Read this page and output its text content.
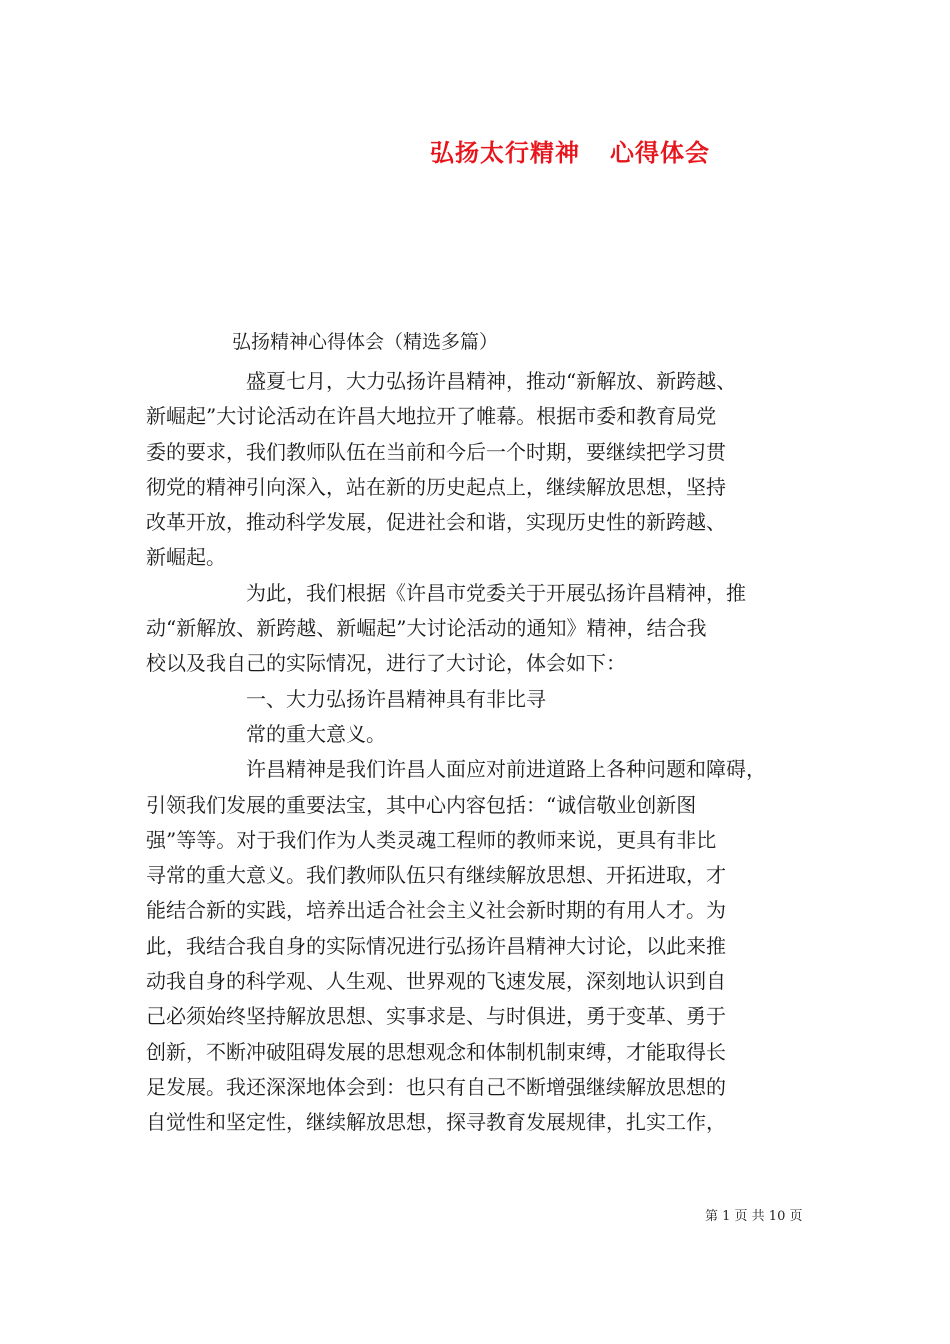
弘扬太行精神 心得体会
弘扬精神心得体会（精选多篇）
盛夏七月，大力弘扬许昌精神，推动“新解放、新跨越、
新崛起”大讨论活动在许昌大地拉开了帷幕。根据市委和教育局党
委的要求，我们教师队伍在当前和今后一个时期，要继续把学习贯
彻党的精神引向深入，站在新的历史起点上，继续解放思想，坚持
改革开放，推动科学发展，促进社会和谐，实现历史性的新跨越、
新崛起。
为此，我们根据《许昌市党委关于开展弘扬许昌精神，推
动“新解放、新跨越、新崛起”大讨论活动的通知》精神，结合我
校以及我自己的实际情况，进行了大讨论，体会如下：
一、大力弘扬许昌精神具有非比寻
常的重大意义。
许昌精神是我们许昌人面应对前进道路上各种问题和障碍，
引领我们发展的重要法宝，其中心内容包括：“诚信敬业创新图
强”等等。对于我们作为人类灵魂工程师的教师来说，更具有非比
寻常的重大意义。我们教师队伍只有继续解放思想、开拓进取，才
能结合新的实践，培养出适合社会主义社会新时期的有用人才。为
此，我结合我自身的实际情况进行弘扬许昌精神大讨论，以此来推
动我自身的科学观、人生观、世界观的飞速发展，深刻地认识到自
己必须始终坚持解放思想、实事求是、与时俱进，勇于变革、勇于
创新，不断冲破阻碍发展的思想观念和体制机制束缚，才能取得长
足发展。我还深深地体会到：也只有自己不断增强继续解放思想的
自觉性和坚定性，继续解放思想，探寻教育发展规律，扎实工作，
第 1 页 共 10 页
